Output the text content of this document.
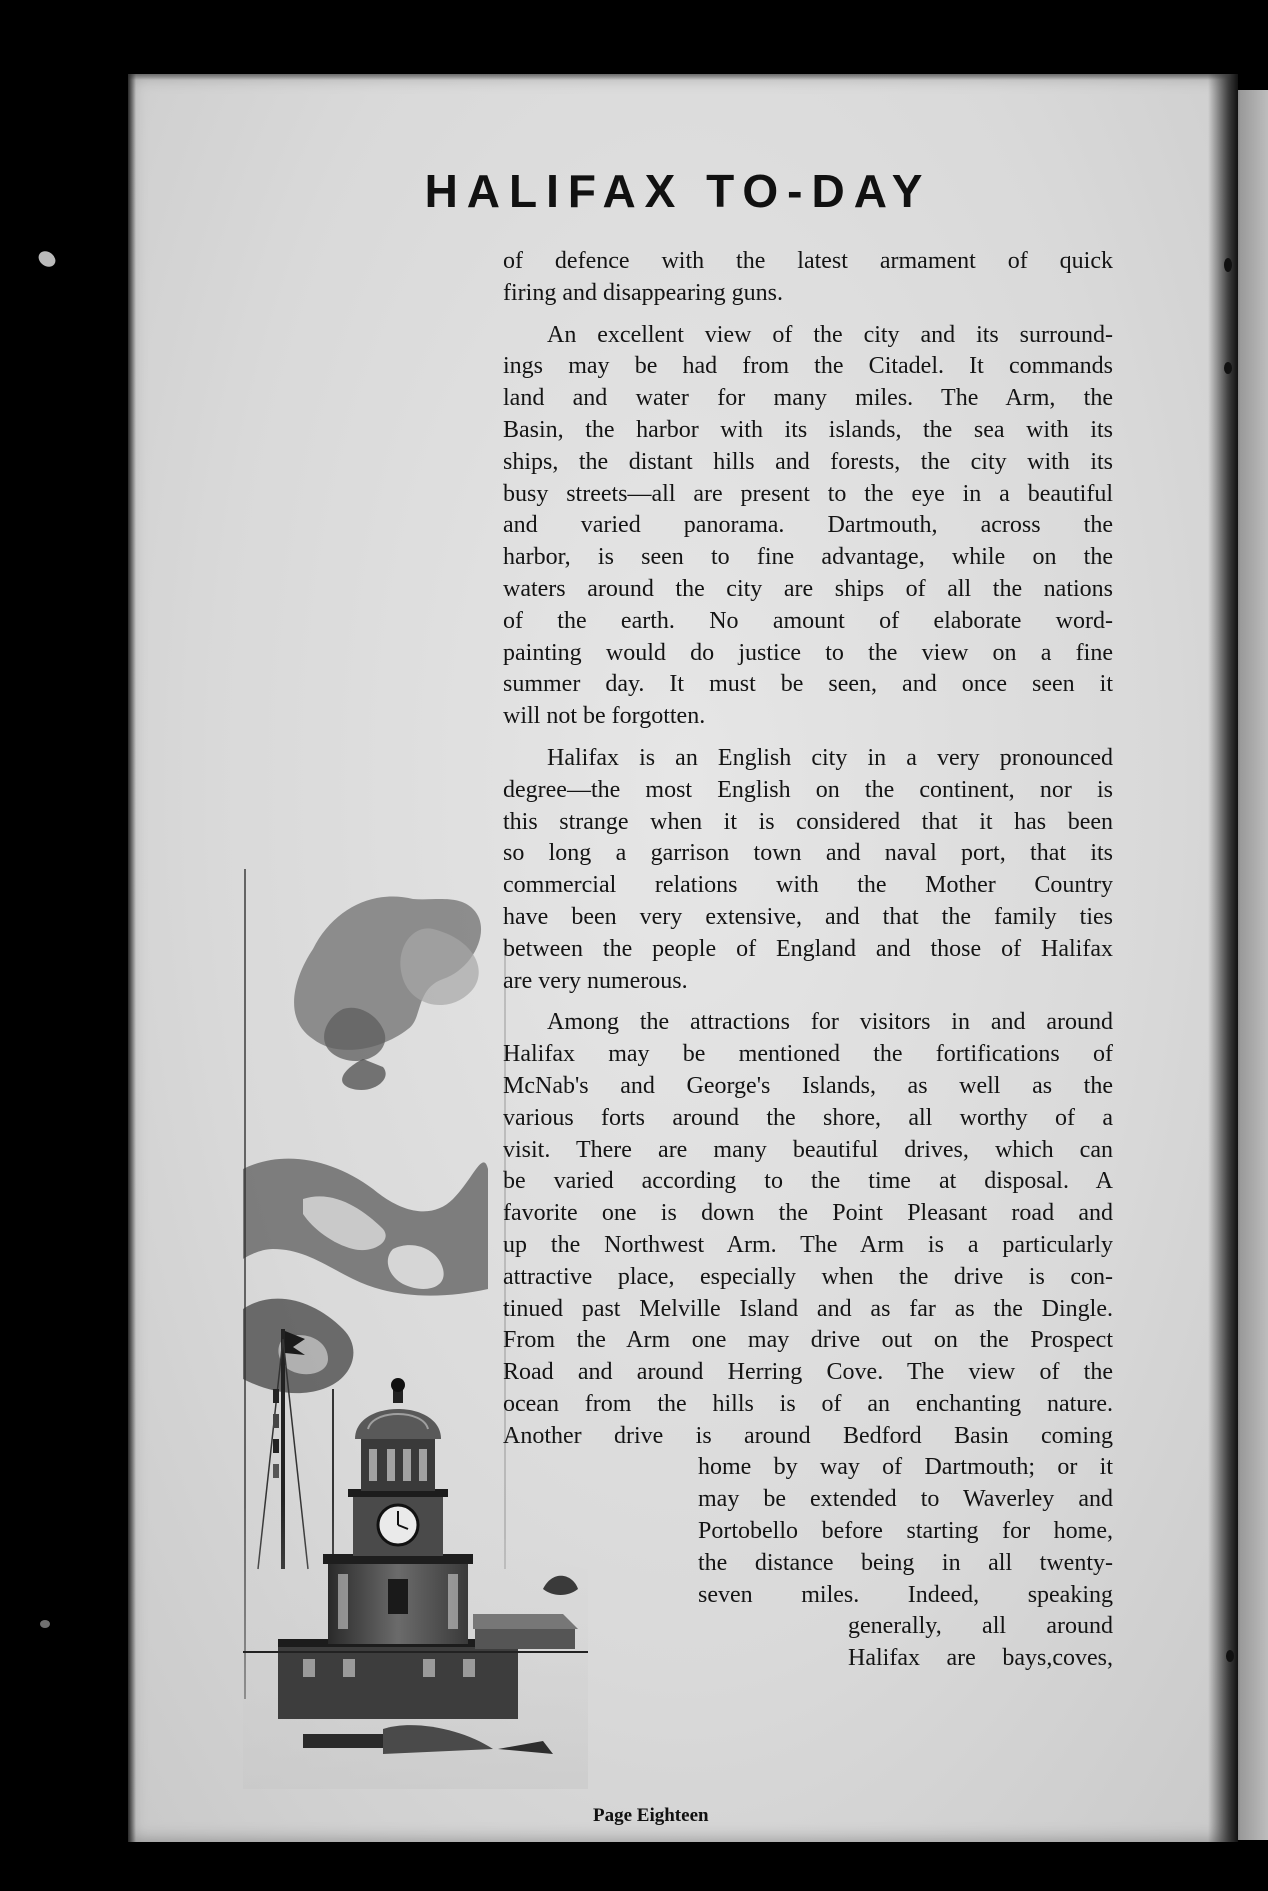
HALIFAX TO-DAY
of defence with the latest armament of quick
firing and disappearing guns.
An excellent view of the city and its surround-
ings may be had from the Citadel. It commands
land and water for many miles. The Arm, the
Basin, the harbor with its islands, the sea with its
ships, the distant hills and forests, the city with its
busy streets—all are present to the eye in a beautiful
and varied panorama. Dartmouth, across the
harbor, is seen to fine advantage, while on the
waters around the city are ships of all the nations
of the earth. No amount of elaborate word-
painting would do justice to the view on a fine
summer day. It must be seen, and once seen it
will not be forgotten.
Halifax is an English city in a very pronounced
degree—the most English on the continent, nor is
this strange when it is considered that it has been
so long a garrison town and naval port, that its
commercial relations with the Mother Country
have been very extensive, and that the family ties
between the people of England and those of Halifax
are very numerous.
Among the attractions for visitors in and around
Halifax may be mentioned the fortifications of
McNab's and George's Islands, as well as the
various forts around the shore, all worthy of a
visit. There are many beautiful drives, which can
be varied according to the time at disposal. A
favorite one is down the Point Pleasant road and
up the Northwest Arm. The Arm is a particularly
attractive place, especially when the drive is con-
tinued past Melville Island and as far as the Dingle.
From the Arm one may drive out on the Prospect
Road and around Herring Cove. The view of the
ocean from the hills is of an enchanting nature.
Another drive is around Bedford Basin coming
home by way of Dartmouth; or it
may be extended to Waverley and
Portobello before starting for home,
the distance being in all twenty-
seven miles. Indeed, speaking
generally, all around
Halifax are bays,coves,
Page Eighteen
